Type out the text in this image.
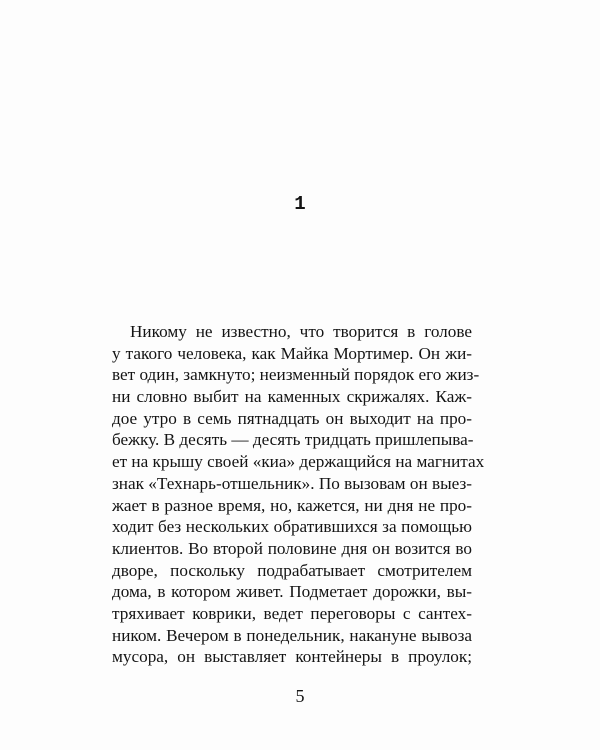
1
Никому не известно, что творится в голове
у такого человека, как Майка Мортимер. Он жи-
вет один, замкнуто; неизменный порядок его жиз-
ни словно выбит на каменных скрижалях. Каж-
дое утро в семь пятнадцать он выходит на про-
бежку. В десять — десять тридцать пришлепыва-
ет на крышу своей «киа» держащийся на магнитах
знак «Технарь-отшельник». По вызовам он выез-
жает в разное время, но, кажется, ни дня не про-
ходит без нескольких обратившихся за помощью
клиентов. Во второй половине дня он возится во
дворе, поскольку подрабатывает смотрителем
дома, в котором живет. Подметает дорожки, вы-
тряхивает коврики, ведет переговоры с сантех-
ником. Вечером в понедельник, накануне вывоза
мусора, он выставляет контейнеры в проулок;
5
